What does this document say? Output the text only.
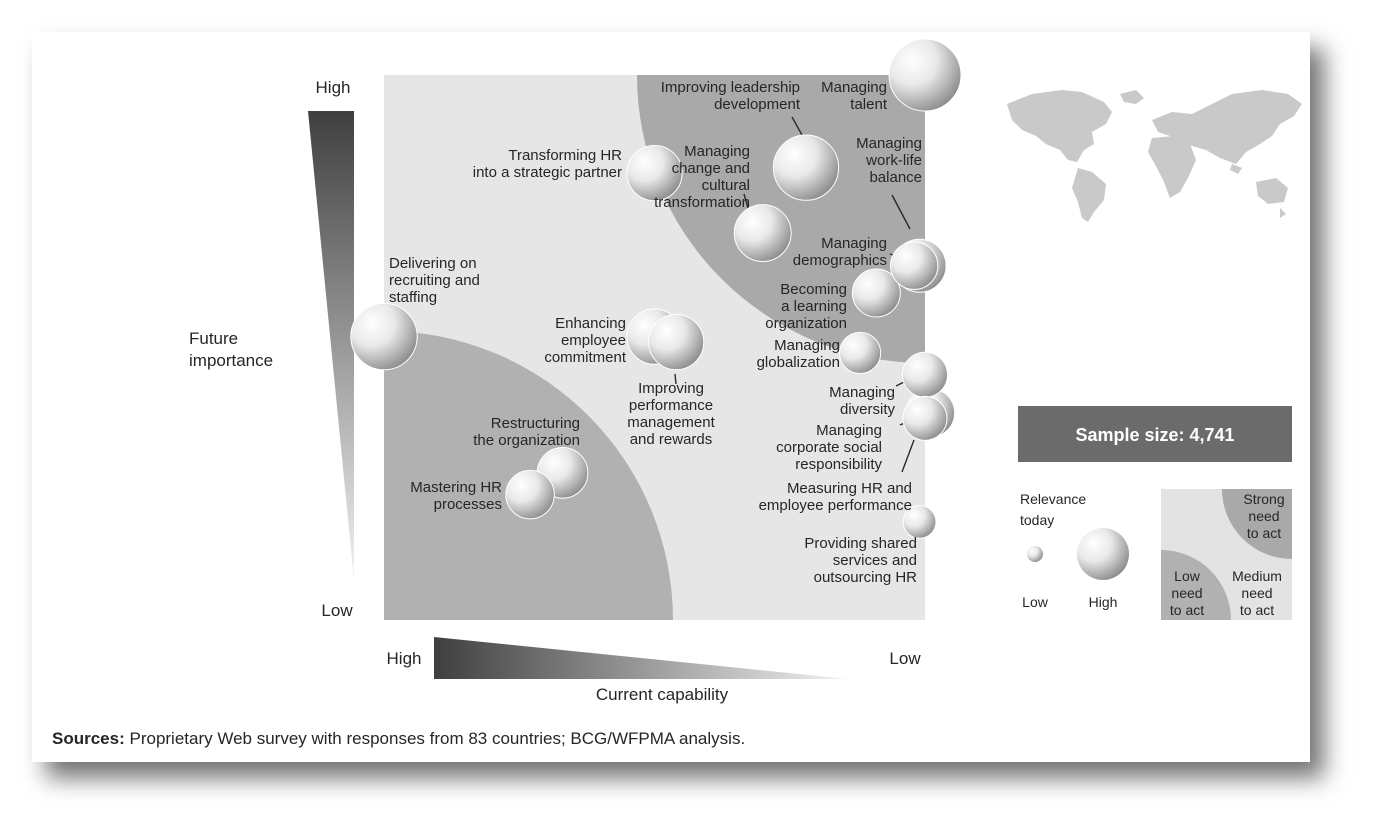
High
Low
Future
importance
High	Low
Current capability
Managing talent
Improving leadership development
Managing work-life balance
Transforming HR into a strategic partner
Managing change and cultural transformation
Managing demographics
Becoming a learning organization
Managing globalization
Delivering on recruiting and staffing
Enhancing employee commitment
Improving performance management and rewards
Managing diversity
Managing corporate social responsibility
Measuring HR and employee performance
Restructuring the organization
Mastering HR processes
Providing shared services and outsourcing HR
Sample size: 4,741
Relevance
today
Low	High
Strong
need
to act
Medium
need
to act
Low
need
to act
Sources: Proprietary Web survey with responses from 83 countries; BCG/WFPMA analysis.
